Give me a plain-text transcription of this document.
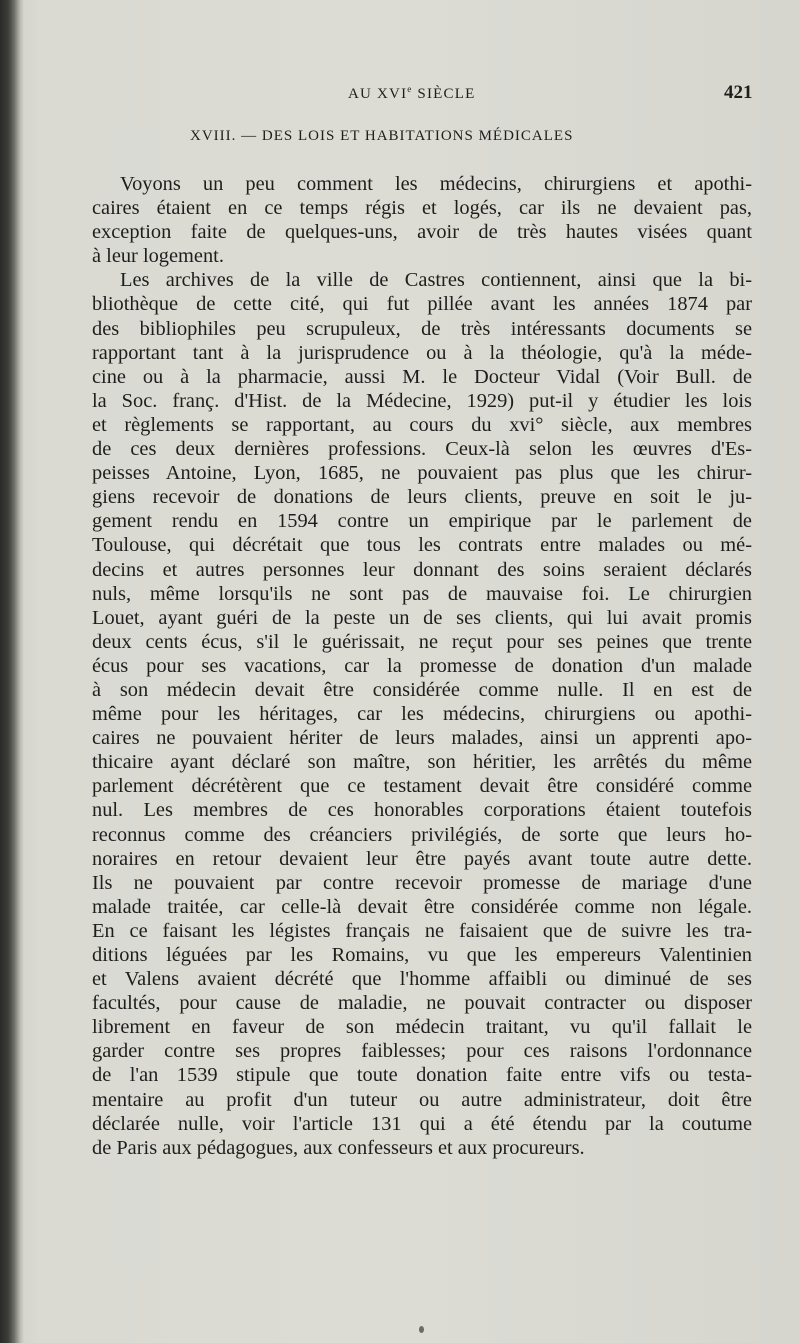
AU XVIe SIÈCLE	421
XVIII. — DES LOIS ET HABITATIONS MÉDICALES
Voyons un peu comment les médecins, chirurgiens et apothi-
caires étaient en ce temps régis et logés, car ils ne devaient pas,
exception faite de quelques-uns, avoir de très hautes visées quant
à leur logement.
Les archives de la ville de Castres contiennent, ainsi que la bi-
bliothèque de cette cité, qui fut pillée avant les années 1874 par
des bibliophiles peu scrupuleux, de très intéressants documents se
rapportant tant à la jurisprudence ou à la théologie, qu'à la méde-
cine ou à la pharmacie, aussi M. le Docteur Vidal (Voir Bull. de
la Soc. franç. d'Hist. de la Médecine, 1929) put-il y étudier les lois
et règlements se rapportant, au cours du xvi° siècle, aux membres
de ces deux dernières professions. Ceux-là selon les œuvres d'Es-
peisses Antoine, Lyon, 1685, ne pouvaient pas plus que les chirur-
giens recevoir de donations de leurs clients, preuve en soit le ju-
gement rendu en 1594 contre un empirique par le parlement de
Toulouse, qui décrétait que tous les contrats entre malades ou mé-
decins et autres personnes leur donnant des soins seraient déclarés
nuls, même lorsqu'ils ne sont pas de mauvaise foi. Le chirurgien
Louet, ayant guéri de la peste un de ses clients, qui lui avait promis
deux cents écus, s'il le guérissait, ne reçut pour ses peines que trente
écus pour ses vacations, car la promesse de donation d'un malade
à son médecin devait être considérée comme nulle. Il en est de
même pour les héritages, car les médecins, chirurgiens ou apothi-
caires ne pouvaient hériter de leurs malades, ainsi un apprenti apo-
thicaire ayant déclaré son maître, son héritier, les arrêtés du même
parlement décrétèrent que ce testament devait être considéré comme
nul. Les membres de ces honorables corporations étaient toutefois
reconnus comme des créanciers privilégiés, de sorte que leurs ho-
noraires en retour devaient leur être payés avant toute autre dette.
Ils ne pouvaient par contre recevoir promesse de mariage d'une
malade traitée, car celle-là devait être considérée comme non légale.
En ce faisant les légistes français ne faisaient que de suivre les tra-
ditions léguées par les Romains, vu que les empereurs Valentinien
et Valens avaient décrété que l'homme affaibli ou diminué de ses
facultés, pour cause de maladie, ne pouvait contracter ou disposer
librement en faveur de son médecin traitant, vu qu'il fallait le
garder contre ses propres faiblesses; pour ces raisons l'ordonnance
de l'an 1539 stipule que toute donation faite entre vifs ou testa-
mentaire au profit d'un tuteur ou autre administrateur, doit être
déclarée nulle, voir l'article 131 qui a été étendu par la coutume
de Paris aux pédagogues, aux confesseurs et aux procureurs.
